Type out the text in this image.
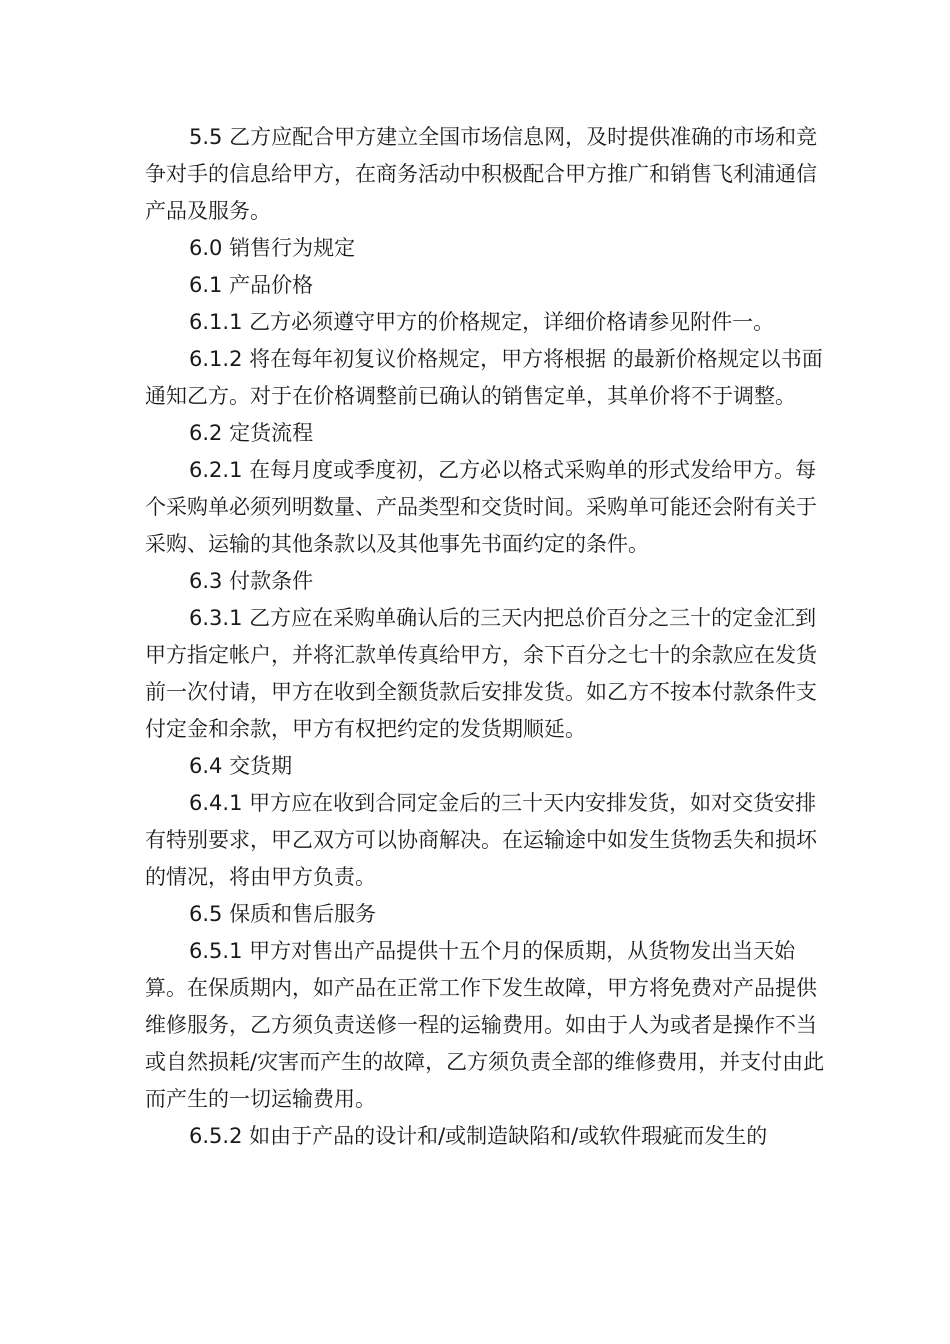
5.5 乙方应配合甲方建立全国市场信息网，及时提供准确的市场和竞争对手的信息给甲方，在商务活动中积极配合甲方推广和销售飞利浦通信产品及服务。

6.0 销售行为规定

6.1 产品价格

6.1.1 乙方必须遵守甲方的价格规定，详细价格请参见附件一。

6.1.2 将在每年初复议价格规定，甲方将根据 的最新价格规定以书面通知乙方。对于在价格调整前已确认的销售定单，其单价将不于调整。

6.2 定货流程

6.2.1 在每月度或季度初，乙方必以格式采购单的形式发给甲方。每个采购单必须列明数量、产品类型和交货时间。采购单可能还会附有关于采购、运输的其他条款以及其他事先书面约定的条件。

6.3 付款条件

6.3.1 乙方应在采购单确认后的三天内把总价百分之三十的定金汇到甲方指定帐户，并将汇款单传真给甲方，余下百分之七十的余款应在发货前一次付请，甲方在收到全额货款后安排发货。如乙方不按本付款条件支付定金和余款，甲方有权把约定的发货期顺延。

6.4 交货期

6.4.1 甲方应在收到合同定金后的三十天内安排发货，如对交货安排有特别要求，甲乙双方可以协商解决。在运输途中如发生货物丢失和损坏的情况，将由甲方负责。

6.5 保质和售后服务

6.5.1 甲方对售出产品提供十五个月的保质期，从货物发出当天始算。在保质期内，如产品在正常工作下发生故障，甲方将免费对产品提供维修服务，乙方须负责送修一程的运输费用。如由于人为或者是操作不当或自然损耗/灾害而产生的故障，乙方须负责全部的维修费用，并支付由此而产生的一切运输费用。

6.5.2 如由于产品的设计和/或制造缺陷和/或软件瑕疵而发生的
